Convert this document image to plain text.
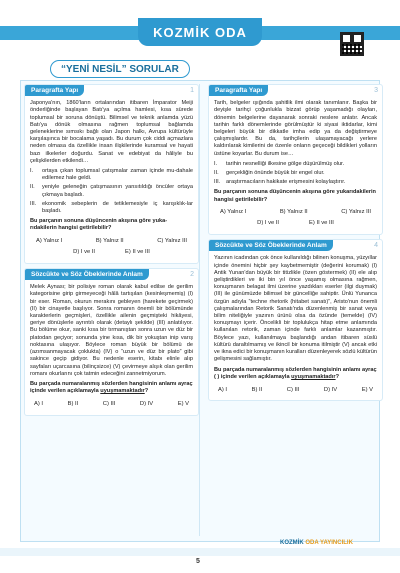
KOZMİK ODA
“YENİ NESİL” SORULAR
Paragrafta Yapı	1

Japonya'nın, 1860'ların ortalarından itibaren İmparator Meiji önderliğinde başlayan Batı'ya açılma hamlesi, kısa sürede toplumsal bir soruna dönüştü. Bilimsel ve teknik anlamda yüzü Batı'ya dönük olmasına rağmen toplumsal bağlamda geleneklerine sımsıkı bağlı olan Japon halkı, Avrupa kültürüyle karşılaşınca bir bocalama yaşadı. Bu durum çok ciddi açmazlara neden olmasa da özellikle insan ilişkilerinde kuramsal ve hayati bazı ilkelerler doğurdu. Sanat ve edebiyat da hâliyle bu çelişkilerden etkilendi…

I.	ortaya çıkan toplumsal çatışmalar zaman içinde mu-dahale edilemez hale geldi.
II.	yeniyle geleneğin çatışmasının yansıtıldığı öncüler ortaya çıkmaya başladı.
III.	ekonomik sebeplerin de tetiklemesiyle iç karışıklık-lar başladı.

Bu parçanın sonuna düşüncenin akışına göre yuka-rıdakilerin hangisi getirilebilir?

A) Yalnız I	B) Yalnız II	C) Yalnız III
D) I ve II	E) II ve III
Sözcükte ve Söz Öbeklerinde Anlam	2

Melek Aynası; bir polisiye roman olarak kabul edilse de gerilim kategorisine girip girmeyeceği hâlâ tartışılan (kesinleşmemiş) (I) bir eser. Roman, okurun merakını gebleyen (harekete geçirmek) (II) bir cinayetle başlıyor. Sonra romanın önemli bir bölümünde karakterlerin geçmişleri, özellikle ailenin geçmişteki hikâyesi, geriye dönüşlerle ayrıntılı olarak (detaylı şekilde) (III) anlatılıyor. Bu bölüme okur, sanki kısa bir tırmanıştan sonra uzun ve düz bir platodan geçiyor; sonunda yine kısa, dik bir yokuştan inip varış noktasına ulaşıyor. Böylece roman büyük bir bölümü de (azımsanmayacak çoklukta) (IV) o “uzun ve düz bir plato” gibi sakince geçip gidiyor. Bu nedenle eserin, kitabı elinle alıp sayfaları uçarcasına (bilinçsizce) (V) çevirmeye alışık olan gerilim romanı okurlarını çok tatmin edeceğini zannetmiyorum.

Bu parçada numaralanmış sözlerden hangisinin anlamı ayraç içinde verilen açıklamayla uyuşmamaktadır?

A) I	B) II	C) III	D) IV	E) V
Paragrafta Yapı	3

Tarih, belgeler ışığında şahitlik ilmi olarak tanımlanır. Başka bir deyişle tarihçi çoğunlukla bizzat görüp yaşamadığı olayları, dönemin belgelerine dayanarak sonraki neslere anlatır. Ancak tarihin farklı dönemlerinde görülmüştür ki siyasi iktidarlar, kimi belgeleri büyük bir dikkatle imha edip ya da değiştirmeye çalışmışlardır. Bu da, tarihçilerin ulaşamayacağı yerlere kaldırılarak kimilerini de özenle onların geçeceği bildikleri yolların üstüne koyarlar. Bu durum ise…

I.	tarihin nesnelliği ilkesine gölge düşürülmüş olur.
II.	gerçekliğin önünde büyük bir engel olur.
III.	araştırmacıların hakikate erişmesini kolaylaştırır.

Bu parçanın sonuna düşüncenin akışına göre yukarıdakilerin hangisi getirilebilir?

A) Yalnız I	B) Yalnız II	C) Yalnız III
D) I ve II	E) II ve III
Sözcükte ve Söz Öbeklerinde Anlam	4

Yazının icadından çok önce kullanıldığı bilinen konuşma, yüzyıllar içinde önemini hiçbir şey kaybetmemiştir (değerini korumak) (I) Antik Yunan'dan büyük bir titizlikle (özen göstermek) (II) ele alıp geliştirdikleri ve iki bin yıl önce yaşamış olmasına rağmen, konuşmanın belagat ilmi üzerine yazdıkları eserler (ilgi duymak) (III) ile günümüzde bilimsel bir güncelliğe sahiptir. Ünlü Yunanca özgün adıyla “techne rhetorik (hitabet sanatı)”, Aristo'nun önemli çalışmalarından Retorik Sanatı'nda düzenlenmiş bir sanat veya bilim niteliğiyle yazının ürünü olsa da özünde (temelde) (IV) konuşmayı içerir. Öncelikli bir toplulukça hitap etme anlamında kullanılan retorik, zaman içinde farklı anlamlar kazanmıştır. Böylece yazı, kullanılmaya başlandığı andan itibaren süslü kültürü daraltılmamış ve ikincil bir konuma itilmiştir (V) ancak etki ve ikna edici bir konuşmanın kuralları düzenleyerek sözlü kültürün gelişmesini sağlamıştır.

Bu parçada numaralanmış sözlerden hangisinin anlamı ayraç ( ) içinde verilen açıklamayla uyuşmamaktadır?

A) I	B) II	C) III	D) IV	E) V
KOZMİK ODA YAYINCILIK
5
